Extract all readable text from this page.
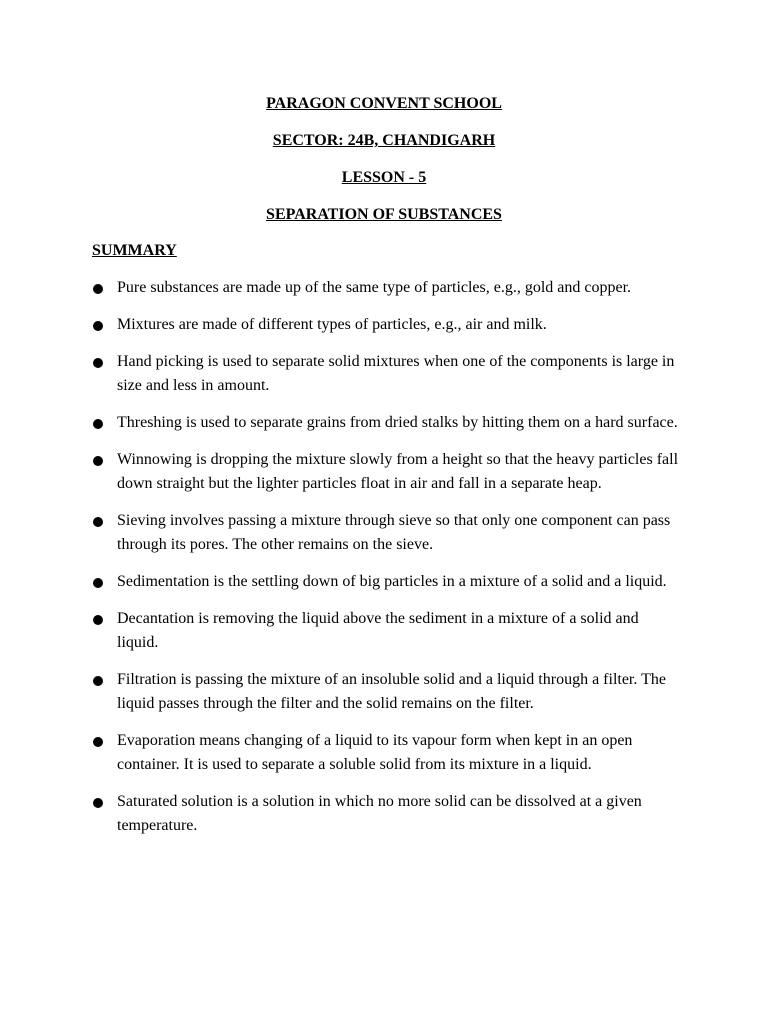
PARAGON CONVENT SCHOOL
SECTOR: 24B, CHANDIGARH
LESSON - 5
SEPARATION OF SUBSTANCES
SUMMARY
Pure substances are made up of the same type of particles, e.g., gold and copper.
Mixtures are made of different types of particles, e.g., air and milk.
Hand picking is used to separate solid mixtures when one of the components is large in size and less in amount.
Threshing is used to separate grains from dried stalks by hitting them on a hard surface.
Winnowing is dropping the mixture slowly from a height so that the heavy particles fall down straight but the lighter particles float in air and fall in a separate heap.
Sieving involves passing a mixture through sieve so that only one component can pass through its pores. The other remains on the sieve.
Sedimentation is the settling down of big particles in a mixture of a solid and a liquid.
Decantation is removing the liquid above the sediment in a mixture of a solid and liquid.
Filtration is passing the mixture of an insoluble solid and a liquid through a filter. The liquid passes through the filter and the solid remains on the filter.
Evaporation means changing of a liquid to its vapour form when kept in an open container. It is used to separate a soluble solid from its mixture in a liquid.
Saturated solution is a solution in which no more solid can be dissolved at a given temperature.
